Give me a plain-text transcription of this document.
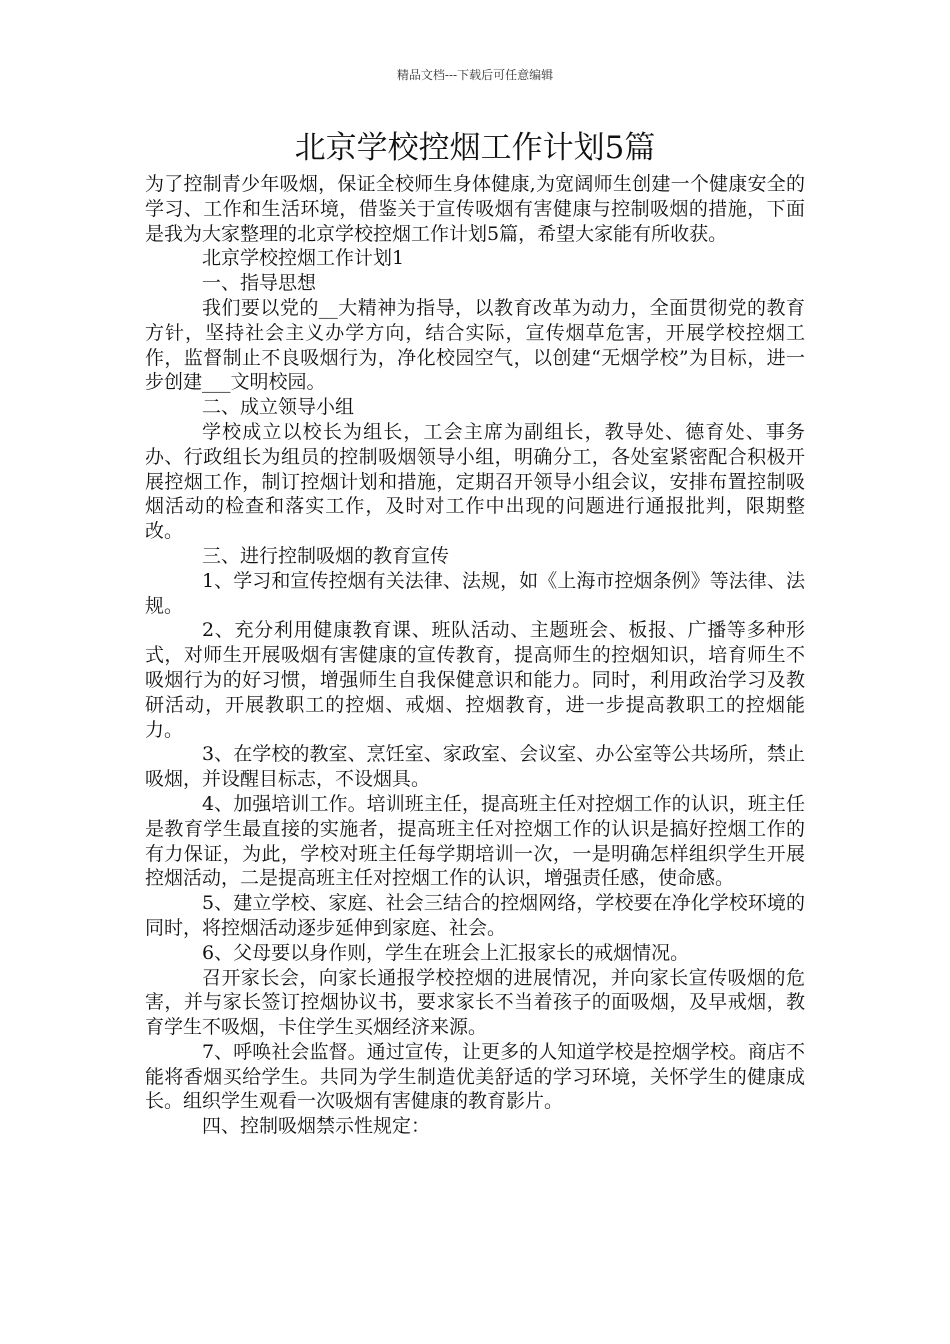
精品文档---下载后可任意编辑
北京学校控烟工作计划5篇

为了控制青少年吸烟，保证全校师生身体健康,为宽阔师生创建一个健康安全的学习、工作和生活环境，借鉴关于宣传吸烟有害健康与控制吸烟的措施，下面是我为大家整理的北京学校控烟工作计划5篇，希望大家能有所收获。

北京学校控烟工作计划1

一、指导思想

我们要以党的__大精神为指导，以教育改革为动力，全面贯彻党的教育方针，坚持社会主义办学方向，结合实际，宣传烟草危害，开展学校控烟工作，监督制止不良吸烟行为，净化校园空气，以创建“无烟学校”为目标，进一步创建___文明校园。

二、成立领导小组

学校成立以校长为组长，工会主席为副组长，教导处、德育处、事务办、行政组长为组员的控制吸烟领导小组，明确分工，各处室紧密配合积极开展控烟工作，制订控烟计划和措施，定期召开领导小组会议，安排布置控制吸烟活动的检查和落实工作，及时对工作中出现的问题进行通报批判，限期整改。

三、进行控制吸烟的教育宣传

1、学习和宣传控烟有关法律、法规，如《上海市控烟条例》等法律、法规。

2、充分利用健康教育课、班队活动、主题班会、板报、广播等多种形式，对师生开展吸烟有害健康的宣传教育，提高师生的控烟知识，培育师生不吸烟行为的好习惯，增强师生自我保健意识和能力。同时，利用政治学习及教研活动，开展教职工的控烟、戒烟、控烟教育，进一步提高教职工的控烟能力。

3、在学校的教室、烹饪室、家政室、会议室、办公室等公共场所，禁止吸烟，并设醒目标志，不设烟具。

4、加强培训工作。培训班主任，提高班主任对控烟工作的认识，班主任是教育学生最直接的实施者，提高班主任对控烟工作的认识是搞好控烟工作的有力保证，为此，学校对班主任每学期培训一次，一是明确怎样组织学生开展控烟活动，二是提高班主任对控烟工作的认识，增强责任感，使命感。

5、建立学校、家庭、社会三结合的控烟网络，学校要在净化学校环境的同时，将控烟活动逐步延伸到家庭、社会。

6、父母要以身作则，学生在班会上汇报家长的戒烟情况。

召开家长会，向家长通报学校控烟的进展情况，并向家长宣传吸烟的危害，并与家长签订控烟协议书，要求家长不当着孩子的面吸烟，及早戒烟，教育学生不吸烟，卡住学生买烟经济来源。

7、呼唤社会监督。通过宣传，让更多的人知道学校是控烟学校。商店不能将香烟买给学生。共同为学生制造优美舒适的学习环境，关怀学生的健康成长。组织学生观看一次吸烟有害健康的教育影片。

四、控制吸烟禁示性规定：
